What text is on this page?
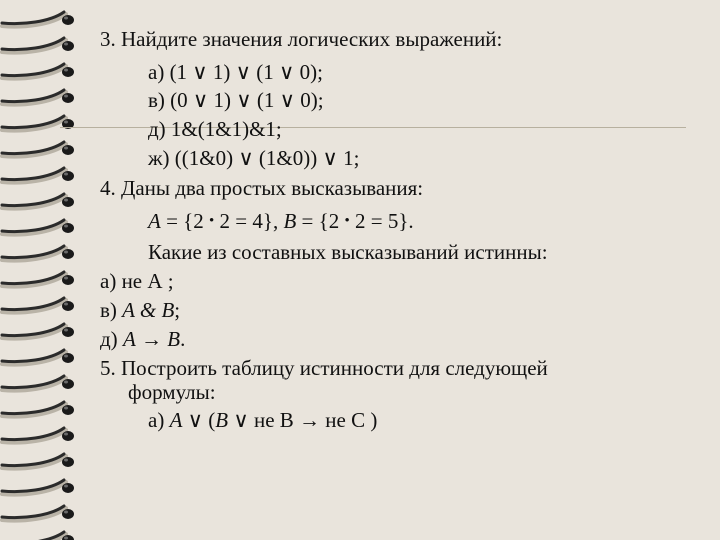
3. Найдите значения логических выражений:
а) (1 ∨ 1) ∨ (1 ∨ 0);
в) (0 ∨ 1) ∨ (1 ∨ 0);
д) 1&(1&1)&1;
ж) ((1&0) ∨ (1&0)) ∨ 1;
4. Даны два простых высказывания:
A = {2 • 2 = 4}, B = {2 • 2 = 5}.
Какие из составных высказываний истинны:
а) не А ;
в) A & B;
д) A → B.
5. Построить таблицу истинности для следующей
формулы:
а) A ∨ (B ∨ не В → не С )
